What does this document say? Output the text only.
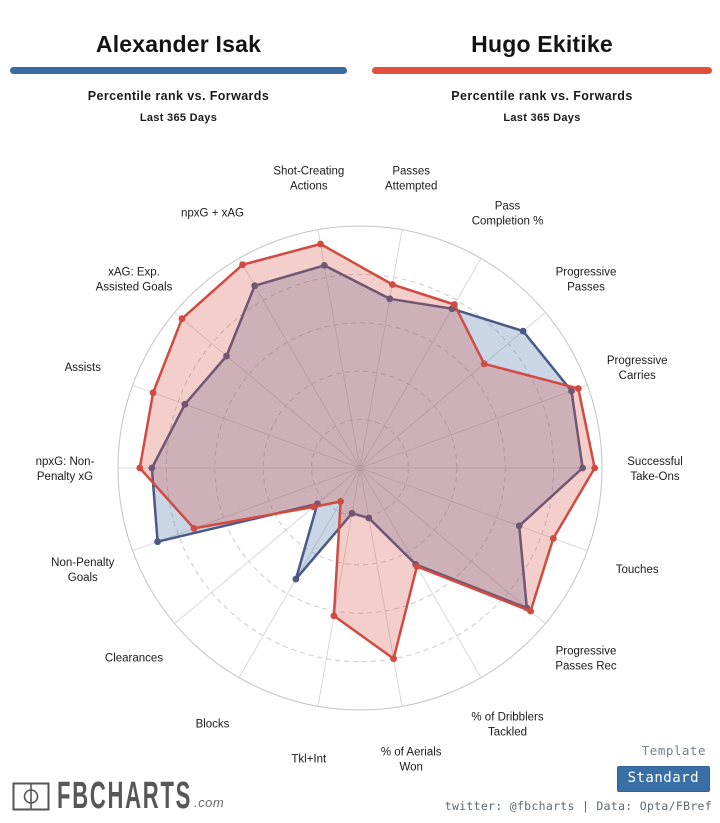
Passes Attempted
Pass Completion %
Progressive Passes
Progressive Carries
Successful Take-Ons
Touches
Progressive Passes Rec
% of Dribblers Tackled
% of Aerials Won
Tkl+Int
Blocks
Clearances
Non-Penalty Goals
npxG: Non-Penalty xG
Assists
xAG: Exp. Assisted Goals
npxG + xAG
Shot-Creating Actions
Alexander Isak
Percentile rank vs. Forwards
Last 365 Days
Hugo Ekitike
Percentile rank vs. Forwards
Last 365 Days
FBCHARTS .com
Template
Standard
twitter: @fbcharts | Data: Opta/FBref
